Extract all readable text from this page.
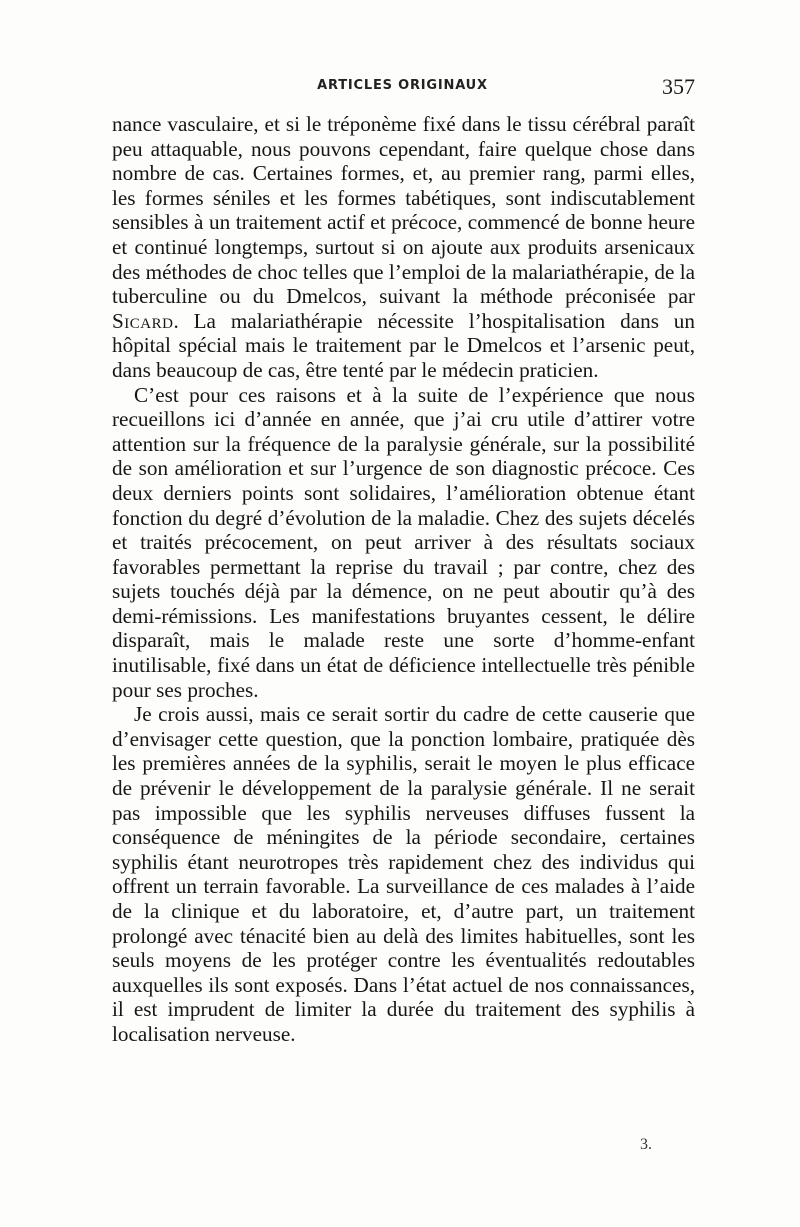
ARTICLES ORIGINAUX	357

nance vasculaire, et si le tréponème fixé dans le tissu cérébral paraît peu attaquable, nous pouvons cependant, faire quelque chose dans nombre de cas. Certaines formes, et, au premier rang, parmi elles, les formes séniles et les formes tabétiques, sont indiscutablement sensibles à un traitement actif et précoce, commencé de bonne heure et continué longtemps, surtout si on ajoute aux produits arsenicaux des méthodes de choc telles que l’emploi de la malariathérapie, de la tuberculine ou du Dmelcos, suivant la méthode préconisée par Sicard. La malariathérapie nécessite l’hospitalisation dans un hôpital spécial mais le traitement par le Dmelcos et l’arsenic peut, dans beaucoup de cas, être tenté par le médecin praticien.

C’est pour ces raisons et à la suite de l’expérience que nous recueillons ici d’année en année, que j’ai cru utile d’attirer votre attention sur la fréquence de la paralysie générale, sur la possibilité de son amélioration et sur l’urgence de son diagnostic précoce. Ces deux derniers points sont solidaires, l’amélioration obtenue étant fonction du degré d’évolution de la maladie. Chez des sujets décelés et traités précocement, on peut arriver à des résultats sociaux favorables permettant la reprise du travail ; par contre, chez des sujets touchés déjà par la démence, on ne peut aboutir qu’à des demi-rémissions. Les manifestations bruyantes cessent, le délire disparaît, mais le malade reste une sorte d’homme-enfant inutilisable, fixé dans un état de déficience intellectuelle très pénible pour ses proches.

Je crois aussi, mais ce serait sortir du cadre de cette causerie que d’envisager cette question, que la ponction lombaire, pratiquée dès les premières années de la syphilis, serait le moyen le plus efficace de prévenir le développement de la paralysie générale. Il ne serait pas impossible que les syphilis nerveuses diffuses fussent la conséquence de méningites de la période secondaire, certaines syphilis étant neurotropes très rapidement chez des individus qui offrent un terrain favorable. La surveillance de ces malades à l’aide de la clinique et du laboratoire, et, d’autre part, un traitement prolongé avec ténacité bien au delà des limites habituelles, sont les seuls moyens de les protéger contre les éventualités redoutables auxquelles ils sont exposés. Dans l’état actuel de nos connaissances, il est imprudent de limiter la durée du traitement des syphilis à localisation nerveuse.

3.
